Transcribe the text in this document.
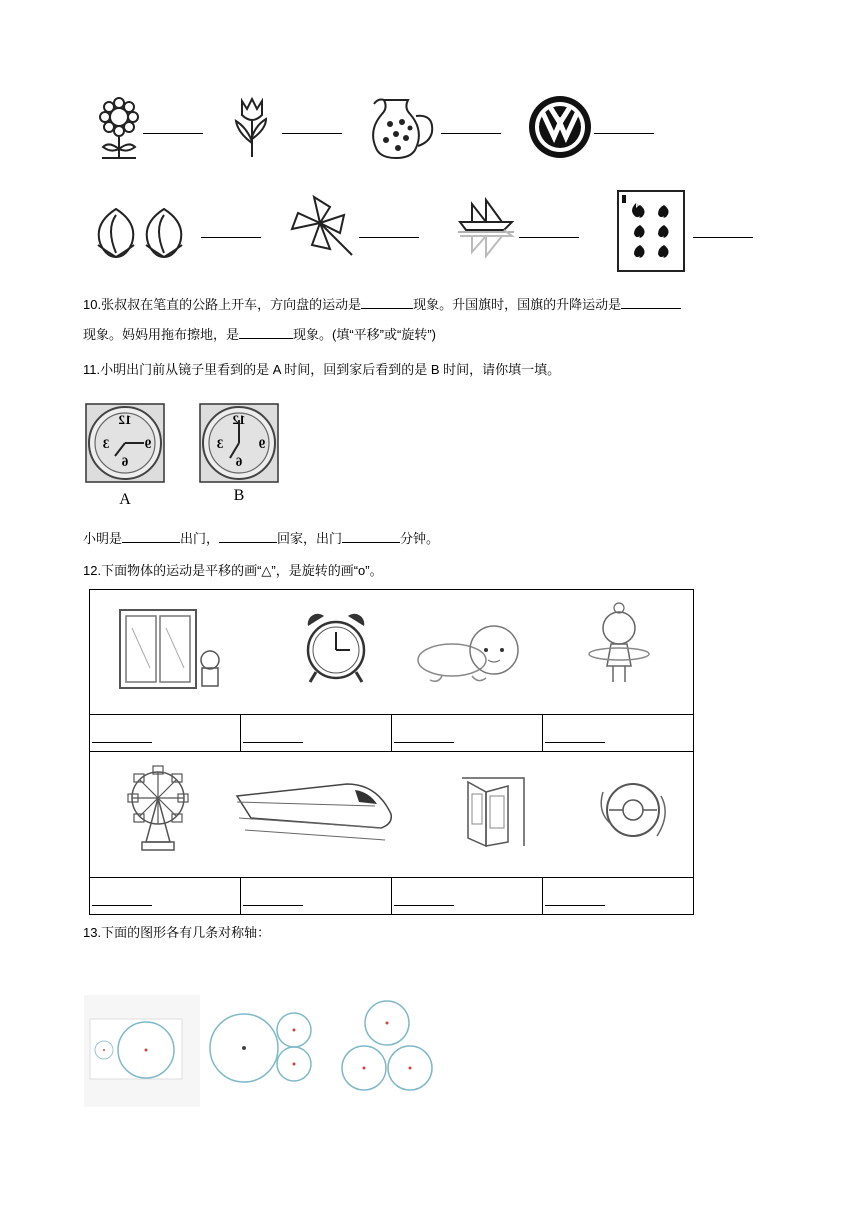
10.张叔叔在笔直的公路上开车，方向盘的运动是	现象。升国旗时，国旗的升降运动是
现象。妈妈用拖布擦地，是	现象。(填“平移”或“旋转”)
11.小明出门前从镜子里看到的是 A 时间，回到家后看到的是 B 时间，请你填一填。
12
3
6
9
A
12
3
6
9
B
小明是	出门，	回家，出门	分钟。
12.下面物体的运动是平移的画“△”，是旋转的画“o”。
13.下面的图形各有几条对称轴：
